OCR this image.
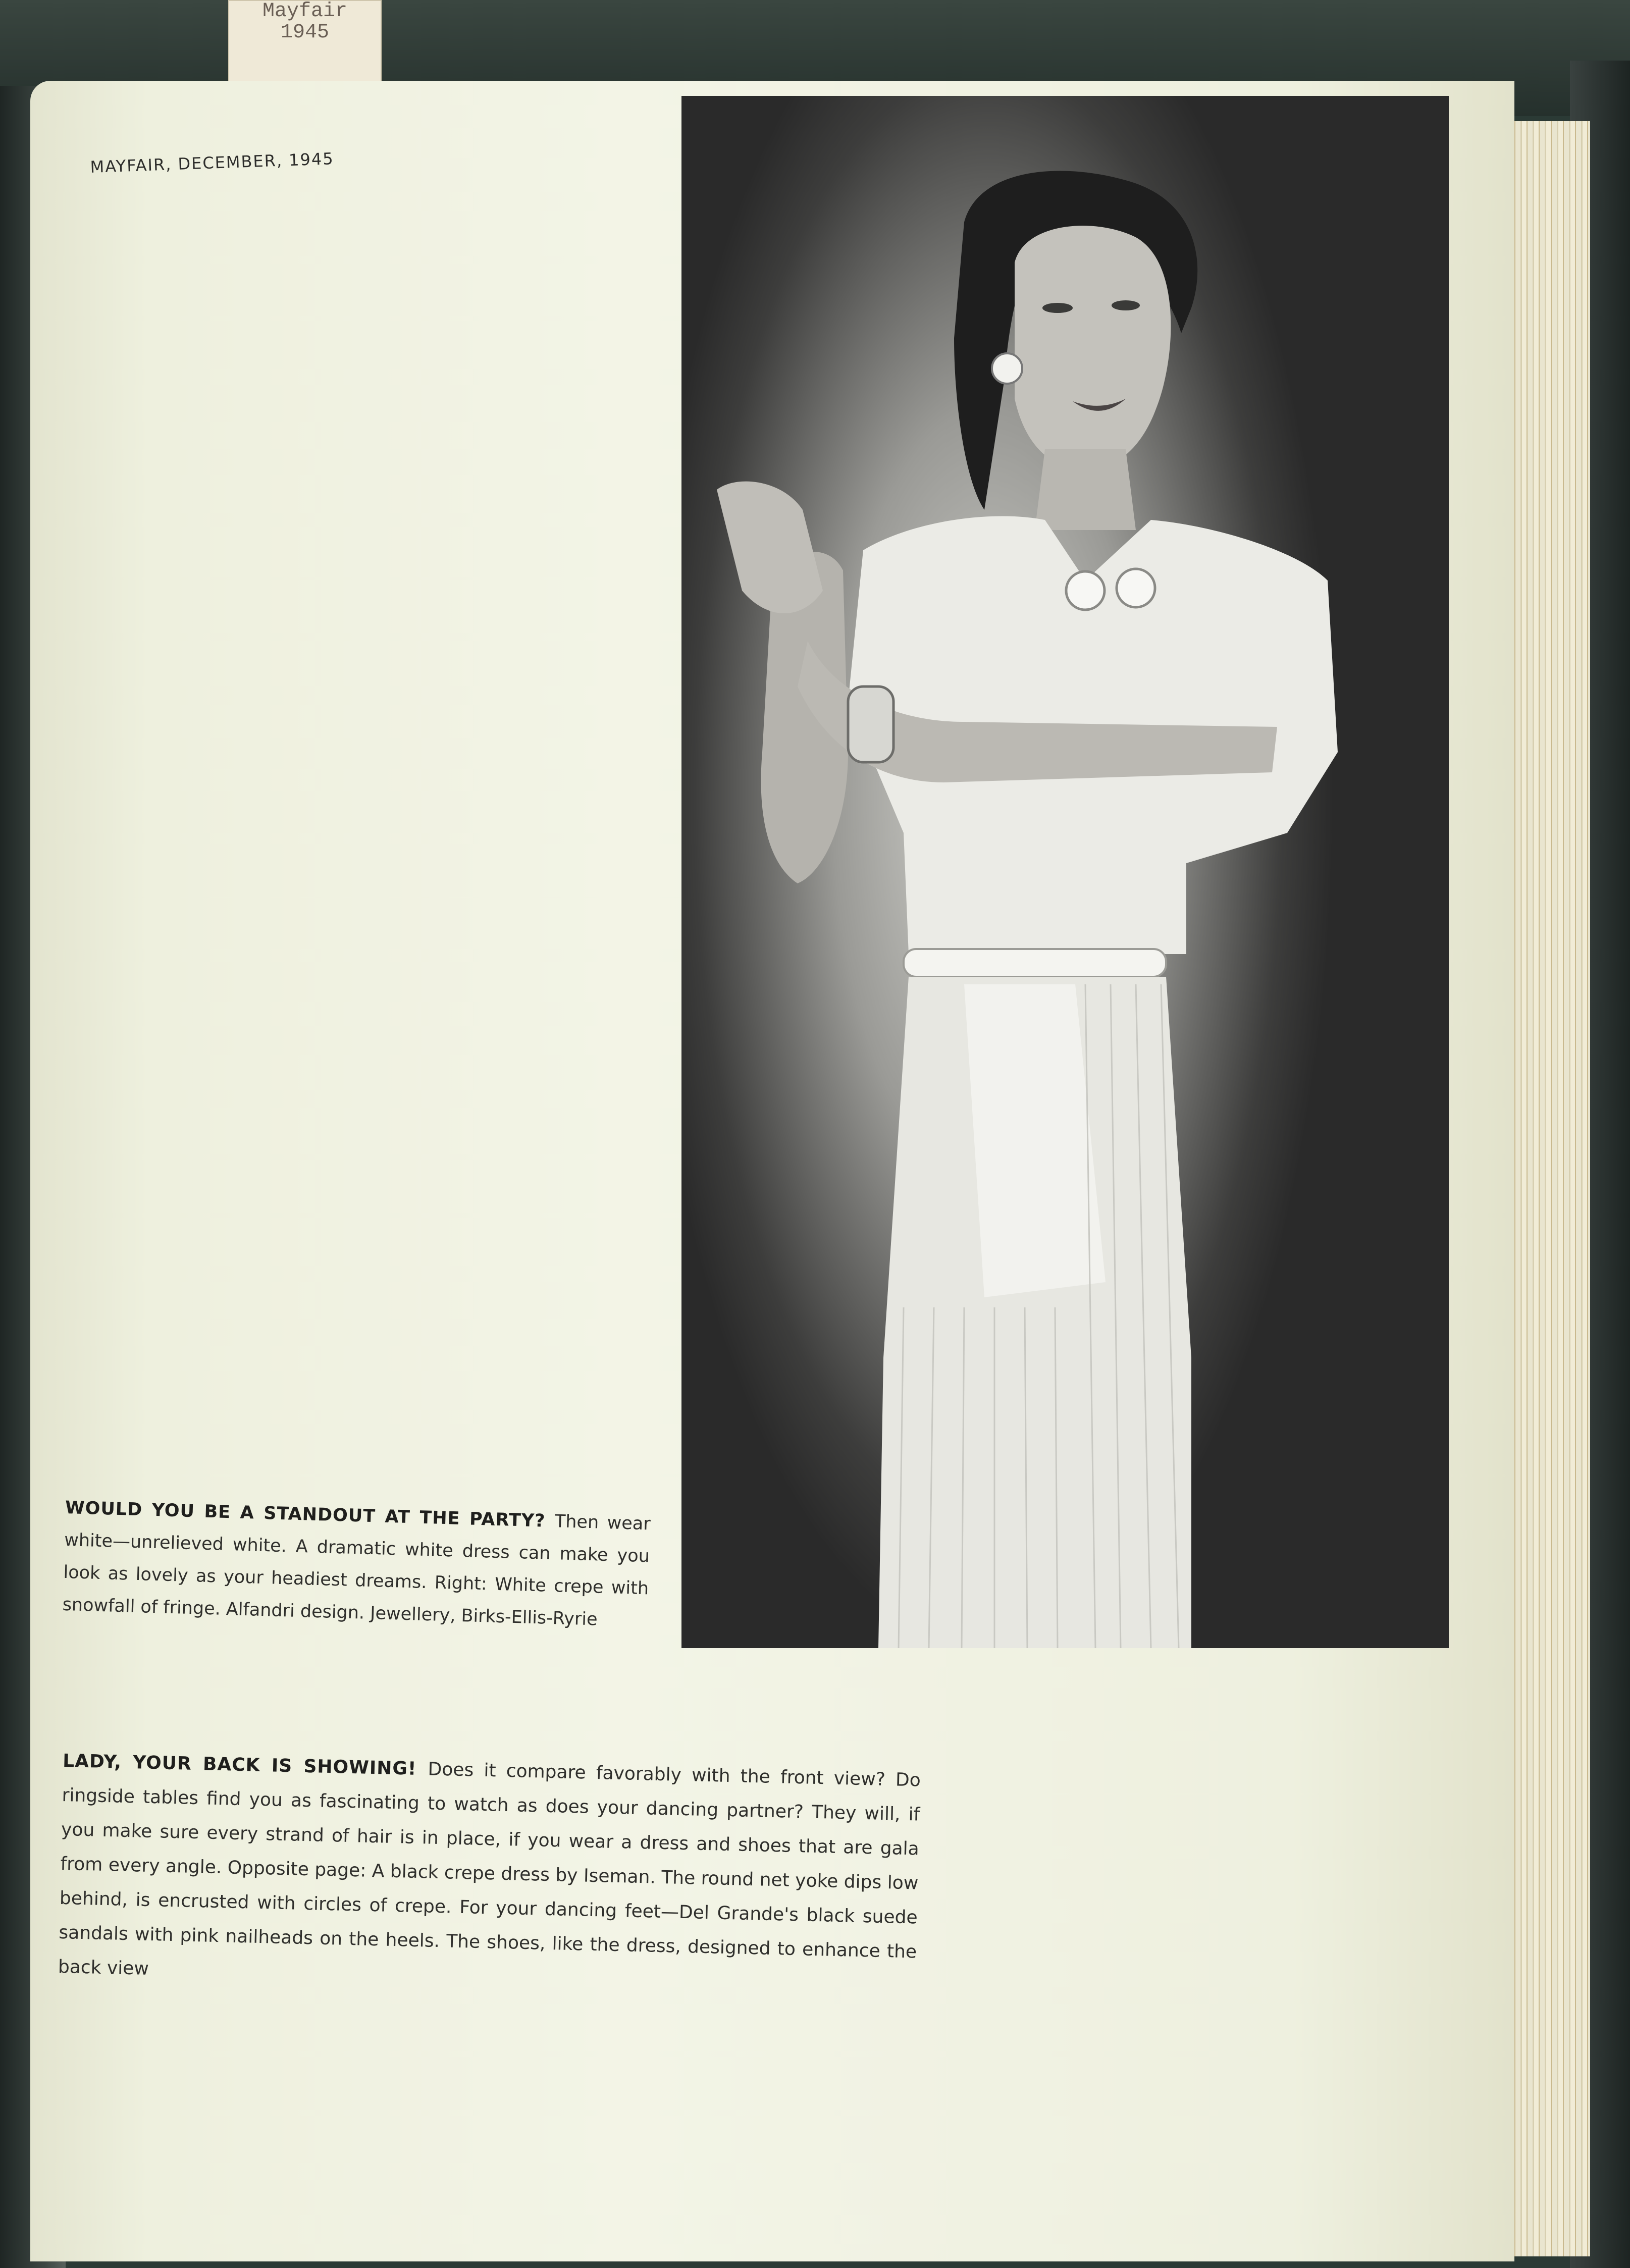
Mayfair
1945
MAYFAIR, DECEMBER, 1945
WOULD YOU BE A STANDOUT AT THE PARTY? Then wear white—unrelieved white. A dramatic white dress can make you look as lovely as your headiest dreams. Right: White crepe with snowfall of fringe. Alfandri design. Jewellery, Birks-Ellis-Ryrie
LADY, YOUR BACK IS SHOWING! Does it compare favorably with the front view? Do ringside tables find you as fascinating to watch as does your dancing partner? They will, if you make sure every strand of hair is in place, if you wear a dress and shoes that are gala from every angle. Opposite page: A black crepe dress by Iseman. The round net yoke dips low behind, is encrusted with circles of crepe. For your dancing feet—Del Grande's black suede sandals with pink nailheads on the heels. The shoes, like the dress, designed to enhance the back view
